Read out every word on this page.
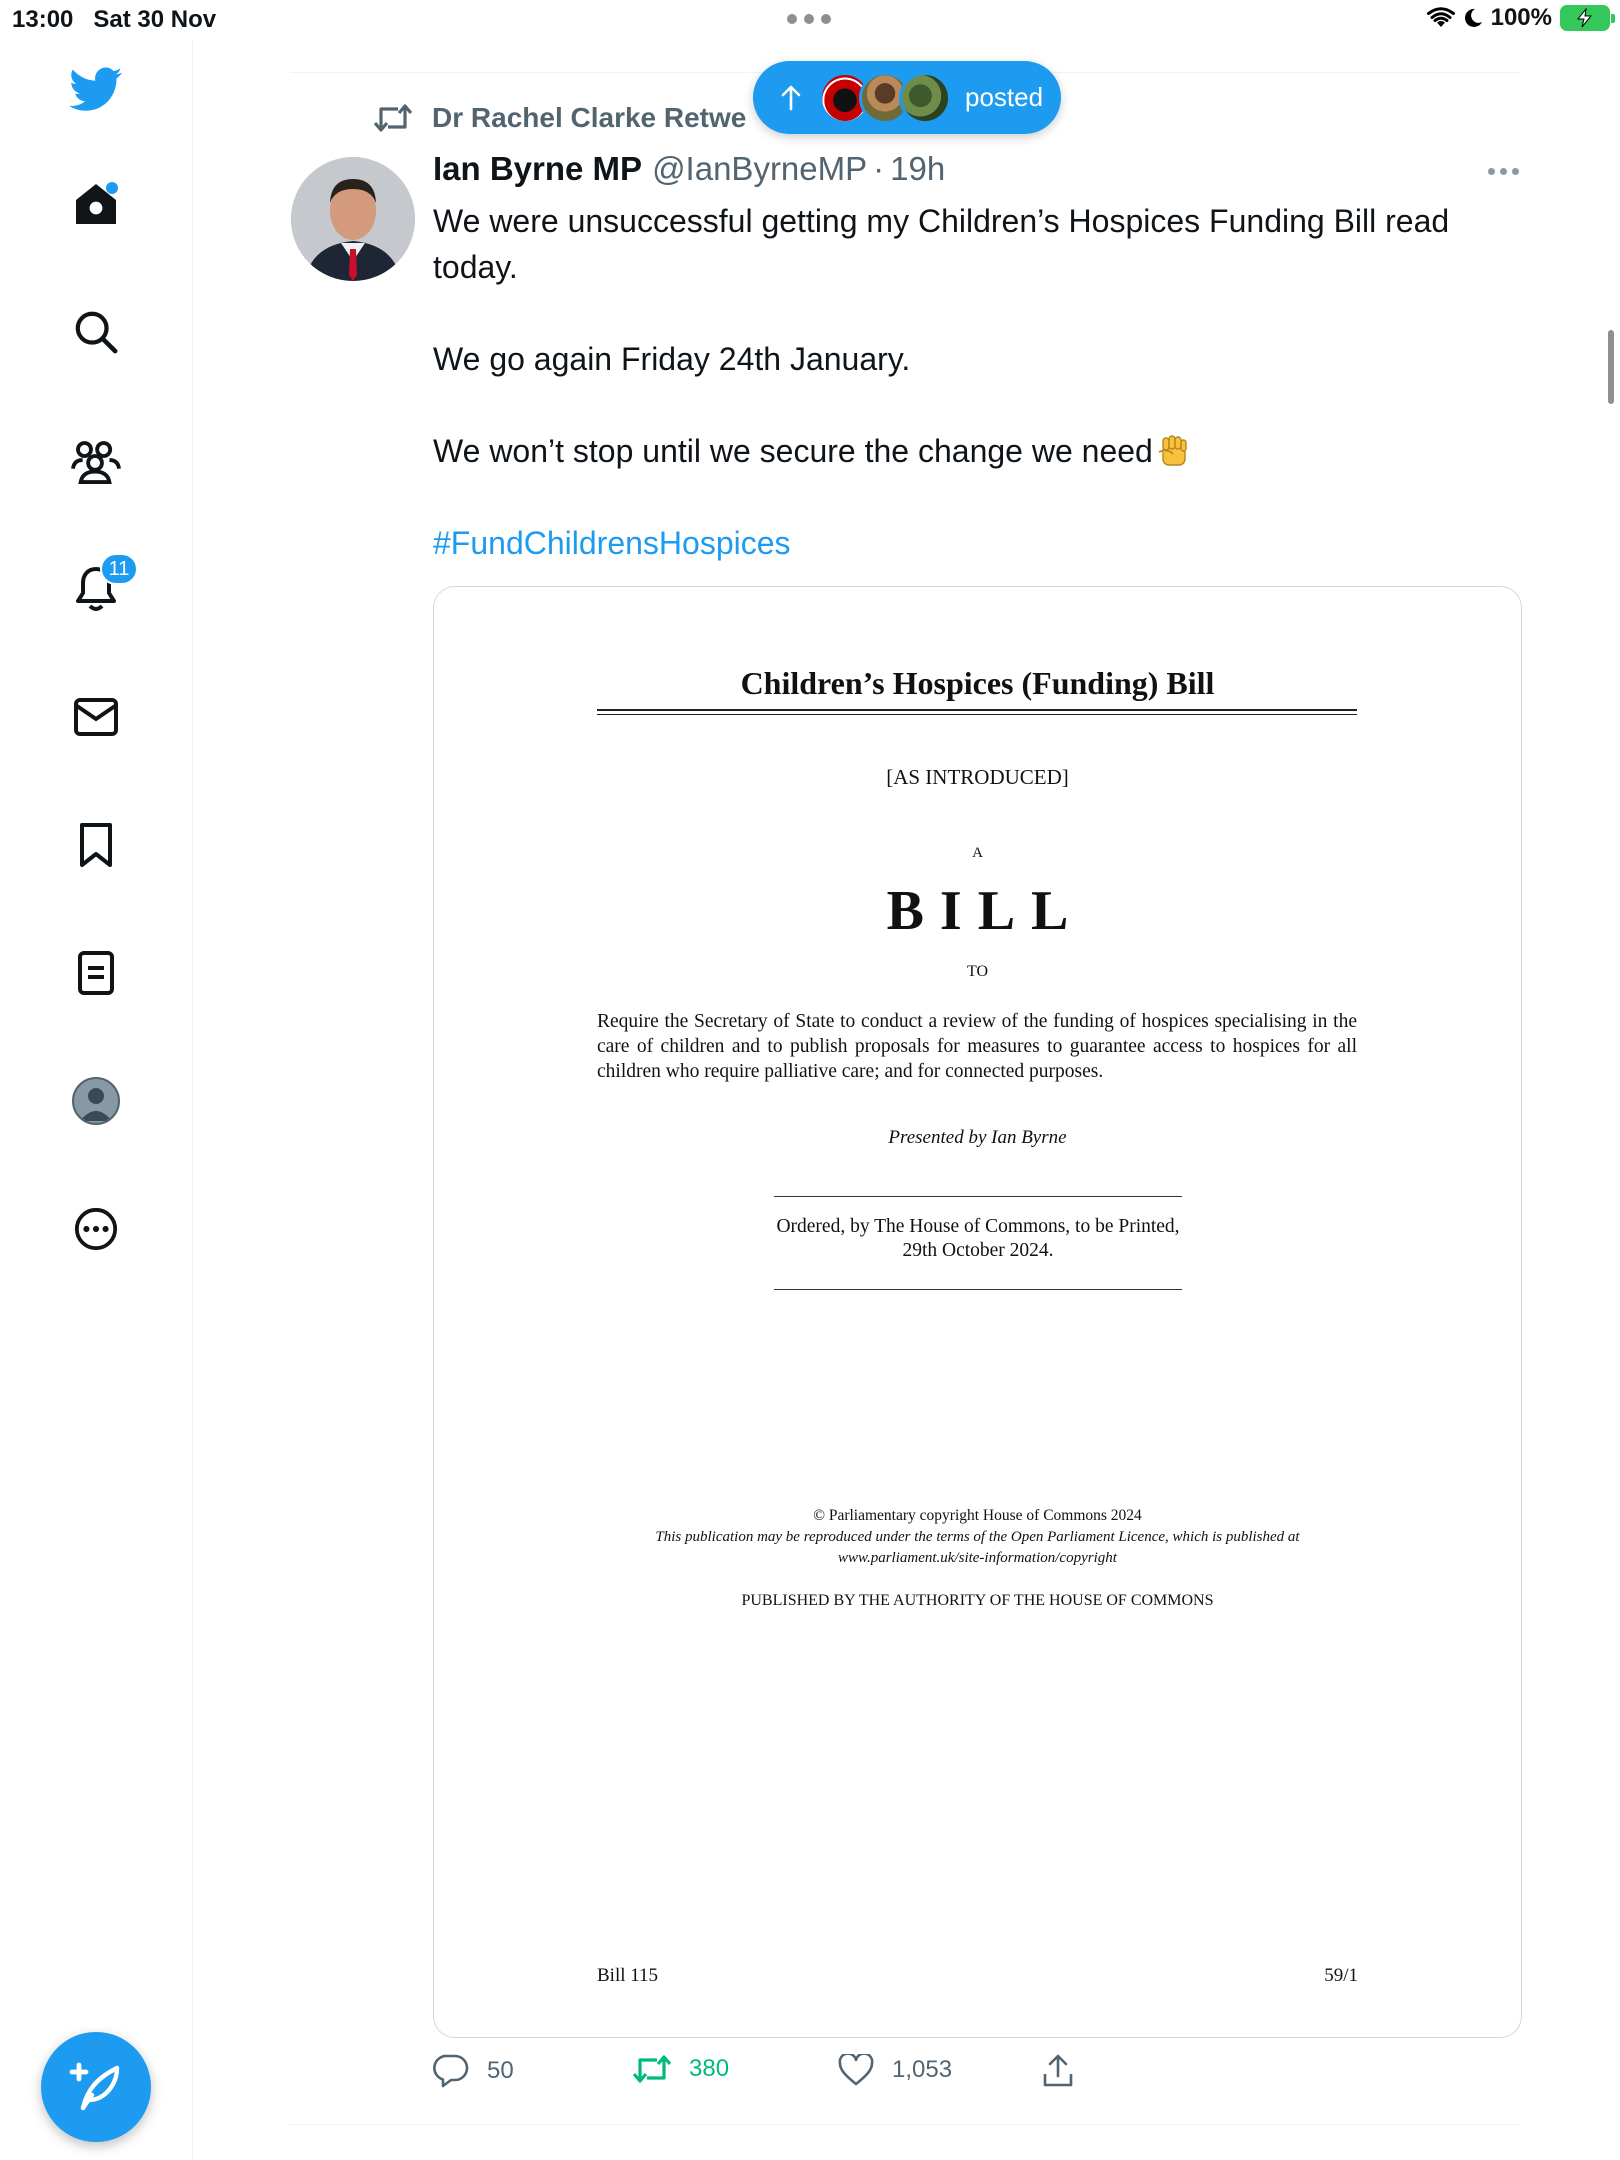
13:00 Sat 30 Nov	100%
11
posted
Dr Rachel Clarke Retwe
Ian Byrne MP @IanByrneMP · 19h

We were unsuccessful getting my Children’s Hospices Funding Bill read today.

We go again Friday 24th January.

We won’t stop until we secure the change we need

#FundChildrensHospices

Children’s Hospices (Funding) Bill
[AS INTRODUCED]
A
BILL
TO
Require the Secretary of State to conduct a review of the funding of hospices specialising in the care of children and to publish proposals for measures to guarantee access to hospices for all children who require palliative care; and for connected purposes.
Presented by Ian Byrne
Ordered, by The House of Commons, to be Printed, 29th October 2024.
© Parliamentary copyright House of Commons 2024
This publication may be reproduced under the terms of the Open Parliament Licence, which is published at
www.parliament.uk/site-information/copyright
PUBLISHED BY THE AUTHORITY OF THE HOUSE OF COMMONS
Bill 115	59/1
50	380	1,053
